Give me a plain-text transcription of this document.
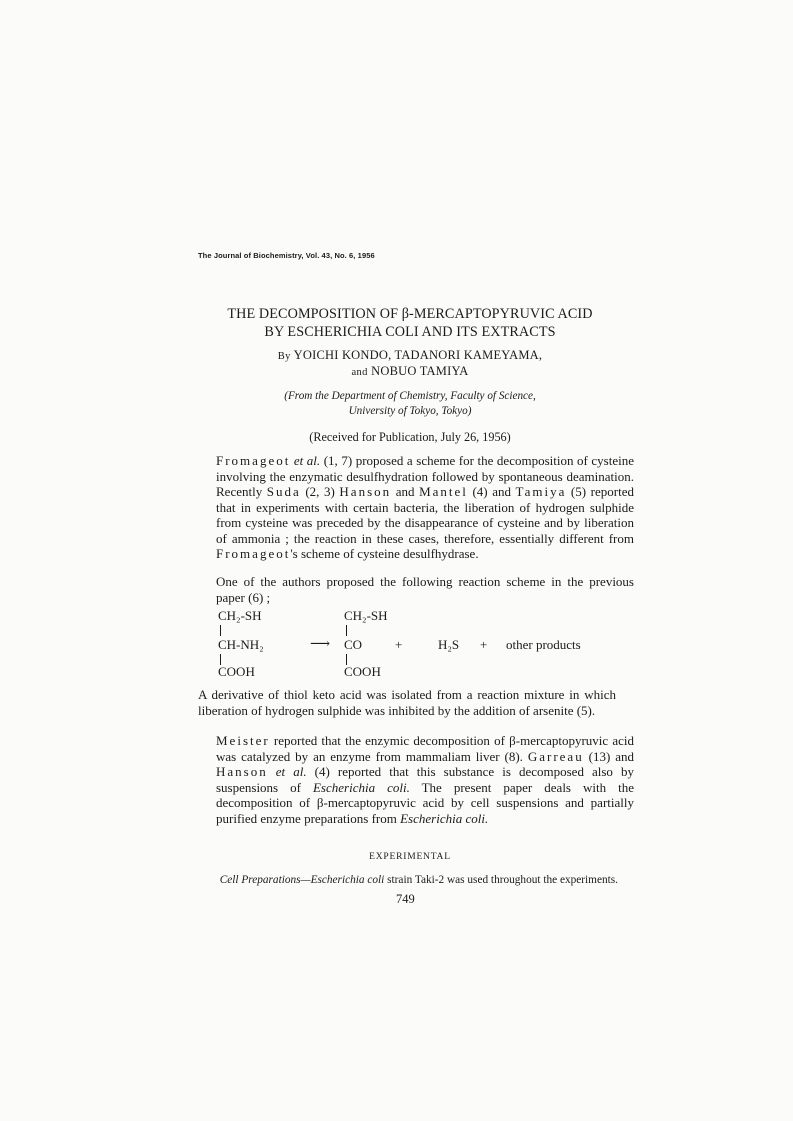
The Journal of Biochemistry, Vol. 43, No. 6, 1956
THE DECOMPOSITION OF β-MERCAPTOPYRUVIC ACID
BY ESCHERICHIA COLI AND ITS EXTRACTS
By YOICHI KONDO, TADANORI KAMEYAMA,
and NOBUO TAMIYA
(From the Department of Chemistry, Faculty of Science,
University of Tokyo, Tokyo)
(Received for Publication, July 26, 1956)

Fromageot et al. (1, 7) proposed a scheme for the decomposition of cysteine involving the enzymatic desulfhydration followed by spontaneous deamination. Recently Suda (2, 3) Hanson and Mantel (4) and Tamiya (5) reported that in experiments with certain bacteria, the liberation of hydrogen sulphide from cysteine was preceded by the disappearance of cysteine and by liberation of ammonia ; the reaction in these cases, therefore, essentially different from Fromageot's scheme of cysteine desulfhydrase.

One of the authors proposed the following reaction scheme in the previous paper (6) ;

CH₂-SH
CH-NH₂
COOH
⟶
CH₂-SH
CO
COOH
+	H₂S + other products

A derivative of thiol keto acid was isolated from a reaction mixture in which liberation of hydrogen sulphide was inhibited by the addition of arsenite (5).

Meister reported that the enzymic decomposition of β-mercaptopyruvic acid was catalyzed by an enzyme from mammaliam liver (8). Garreau (13) and Hanson et al. (4) reported that this substance is decomposed also by suspensions of Escherichia coli. The present paper deals with the decomposition of β-mercaptopyruvic acid by cell suspensions and partially purified enzyme preparations from Escherichia coli.

EXPERIMENTAL
Cell Preparations—Escherichia coli strain Taki-2 was used throughout the experiments.
749
